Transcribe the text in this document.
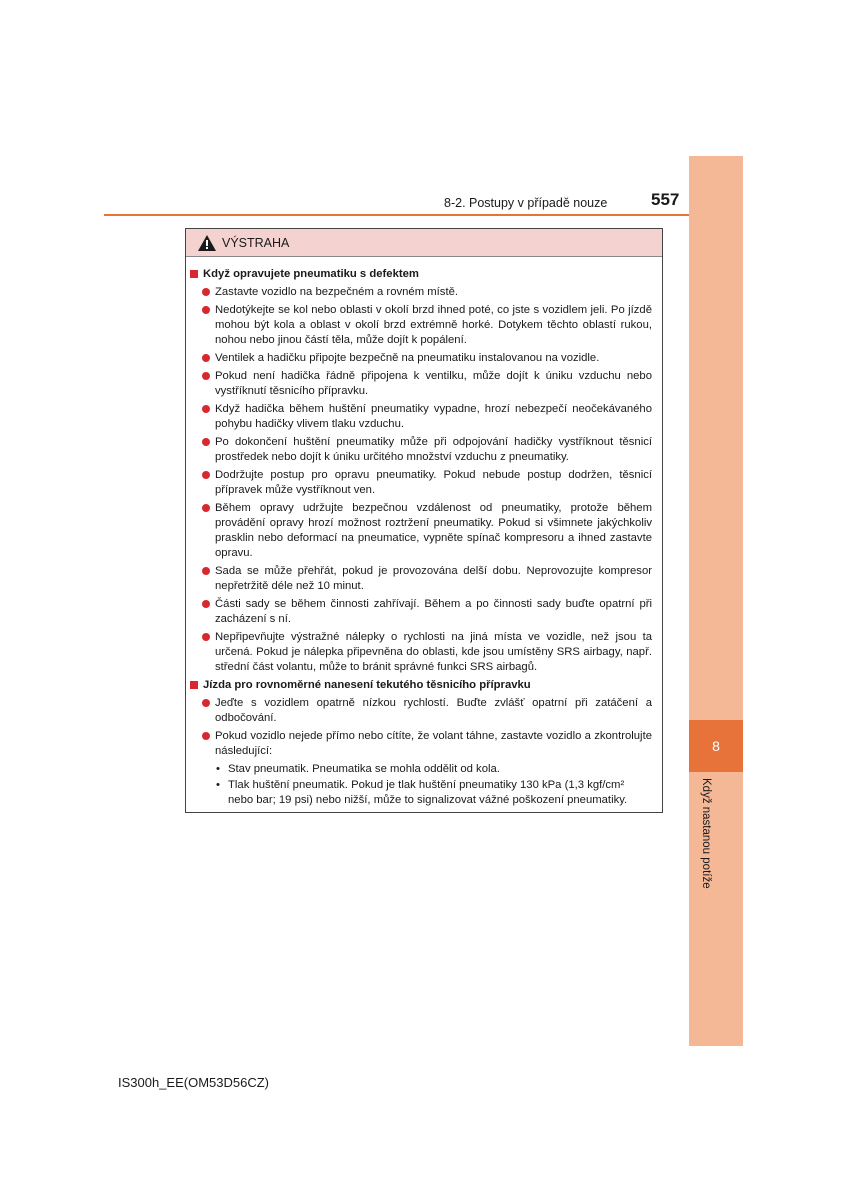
8
Když nastanou potíže
8-2. Postupy v případě nouze	557
VÝSTRAHA
Když opravujete pneumatiku s defektem
Zastavte vozidlo na bezpečném a rovném místě.
Nedotýkejte se kol nebo oblasti v okolí brzd ihned poté, co jste s vozidlem jeli. Po jízdě mohou být kola a oblast v okolí brzd extrémně horké. Dotykem těchto oblastí rukou, nohou nebo jinou částí těla, může dojít k popálení.
Ventilek a hadičku připojte bezpečně na pneumatiku instalovanou na vozidle.
Pokud není hadička řádně připojena k ventilku, může dojít k úniku vzduchu nebo vystříknutí těsnicího přípravku.
Když hadička během huštění pneumatiky vypadne, hrozí nebezpečí neočekávaného pohybu hadičky vlivem tlaku vzduchu.
Po dokončení huštění pneumatiky může při odpojování hadičky vystříknout těsnicí prostředek nebo dojít k úniku určitého množství vzduchu z pneumatiky.
Dodržujte postup pro opravu pneumatiky. Pokud nebude postup dodržen, těsnicí přípravek může vystříknout ven.
Během opravy udržujte bezpečnou vzdálenost od pneumatiky, protože během provádění opravy hrozí možnost roztržení pneumatiky. Pokud si všimnete jakýchkoliv prasklin nebo deformací na pneumatice, vypněte spínač kompresoru a ihned zastavte opravu.
Sada se může přehřát, pokud je provozována delší dobu. Neprovozujte kompresor nepřetržitě déle než 10 minut.
Části sady se během činnosti zahřívají. Během a po činnosti sady buďte opatrní při zacházení s ní.
Nepřipevňujte výstražné nálepky o rychlosti na jiná místa ve vozidle, než jsou ta určená. Pokud je nálepka připevněna do oblasti, kde jsou umístěny SRS airbagy, např. střední část volantu, může to bránit správné funkci SRS airbagů.
Jízda pro rovnoměrné nanesení tekutého těsnicího přípravku
Jeďte s vozidlem opatrně nízkou rychlostí. Buďte zvlášť opatrní při zatáčení a odbočování.
Pokud vozidlo nejede přímo nebo cítíte, že volant táhne, zastavte vozidlo a zkontrolujte následující:
• Stav pneumatik. Pneumatika se mohla oddělit od kola.
• Tlak huštění pneumatik. Pokud je tlak huštění pneumatiky 130 kPa (1,3 kgf/cm² nebo bar; 19 psi) nebo nižší, může to signalizovat vážné poškození pneumatiky.
IS300h_EE(OM53D56CZ)
